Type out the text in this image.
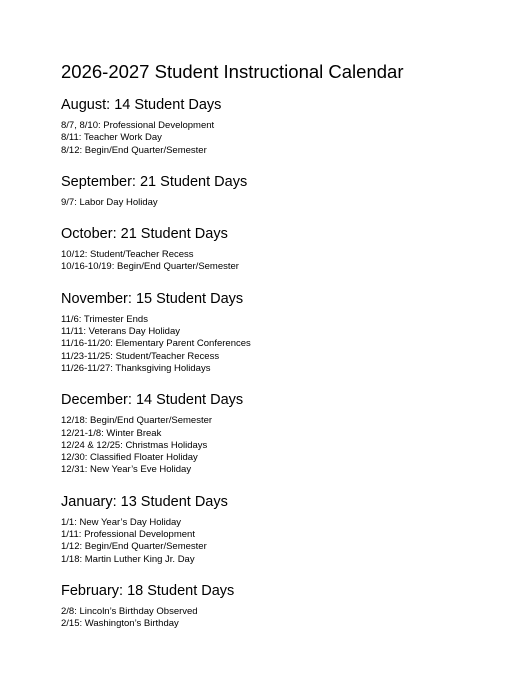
2026-2027 Student Instructional Calendar
August: 14 Student Days
8/7, 8/10: Professional Development
8/11: Teacher Work Day
8/12: Begin/End Quarter/Semester
September: 21 Student Days
9/7: Labor Day Holiday
October: 21 Student Days
10/12: Student/Teacher Recess
10/16-10/19: Begin/End Quarter/Semester
November: 15 Student Days
11/6: Trimester Ends
11/11: Veterans Day Holiday
11/16-11/20: Elementary Parent Conferences
11/23-11/25: Student/Teacher Recess
11/26-11/27: Thanksgiving Holidays
December: 14 Student Days
12/18: Begin/End Quarter/Semester
12/21-1/8: Winter Break
12/24 & 12/25: Christmas Holidays
12/30: Classified Floater Holiday
12/31: New Year’s Eve Holiday
January: 13 Student Days
1/1: New Year’s Day Holiday
1/11: Professional Development
1/12: Begin/End Quarter/Semester
1/18: Martin Luther King Jr. Day
February: 18 Student Days
2/8: Lincoln’s Birthday Observed
2/15: Washington’s Birthday
